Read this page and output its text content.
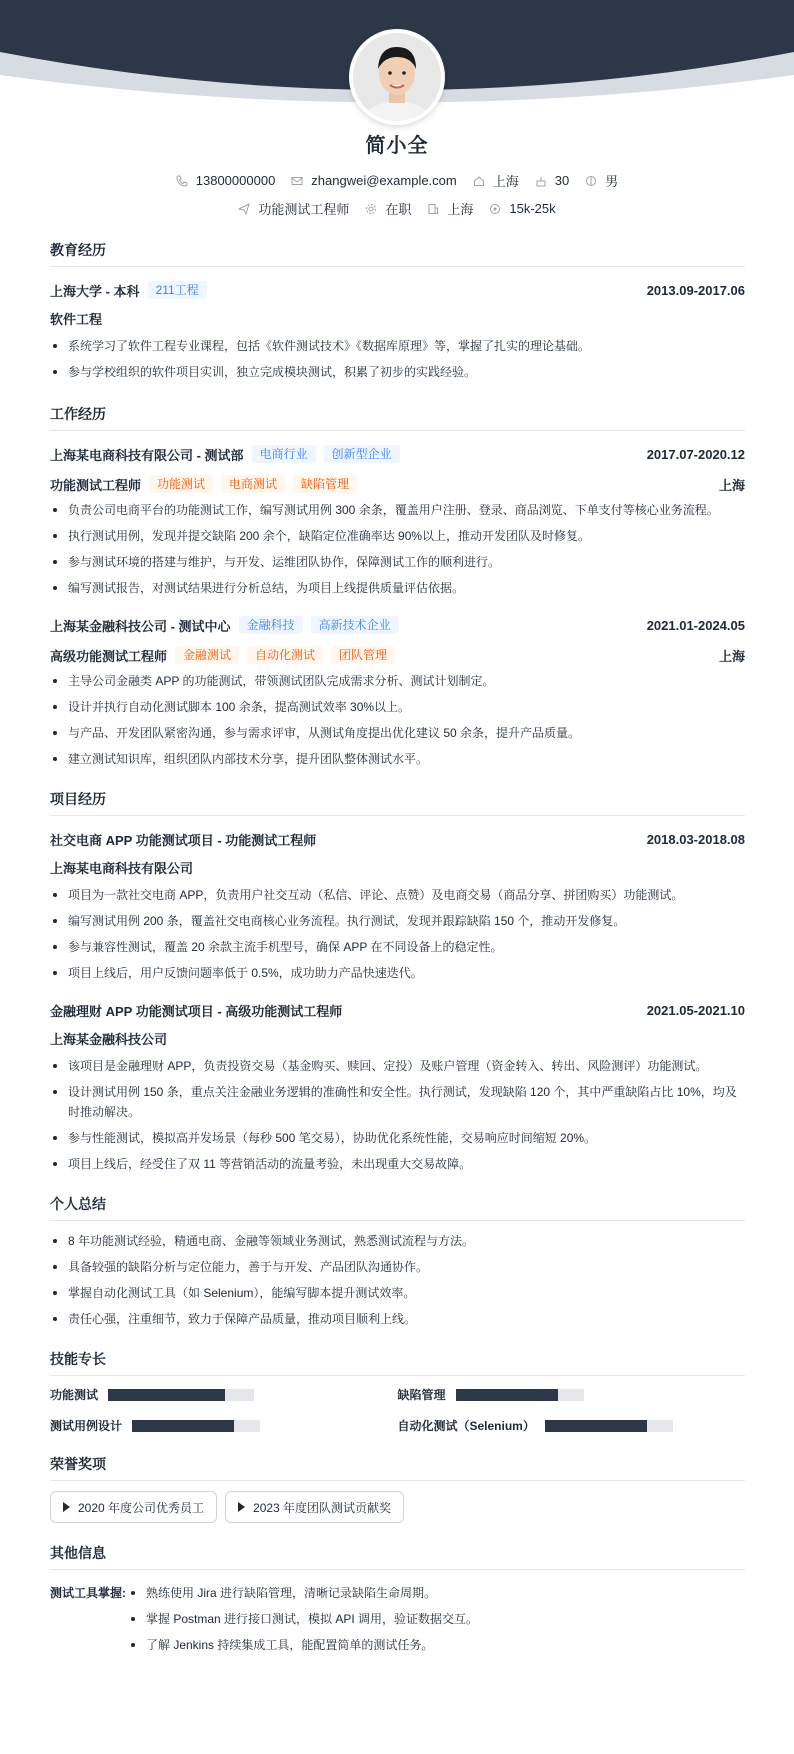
简小全
13800000000	zhangwei@example.com	上海	30	男
功能测试工程师	在职	上海	15k-25k
教育经历
上海大学 - 本科	211工程	2013.09-2017.06
软件工程
系统学习了软件工程专业课程，包括《软件测试技术》《数据库原理》等，掌握了扎实的理论基础。
参与学校组织的软件项目实训，独立完成模块测试，积累了初步的实践经验。
工作经历
上海某电商科技有限公司 - 测试部	电商行业	创新型企业	2017.07-2020.12
功能测试工程师	功能测试	电商测试	缺陷管理	上海
负责公司电商平台的功能测试工作，编写测试用例 300 余条，覆盖用户注册、登录、商品浏览、下单支付等核心业务流程。
执行测试用例，发现并提交缺陷 200 余个，缺陷定位准确率达 90%以上，推动开发团队及时修复。
参与测试环境的搭建与维护，与开发、运维团队协作，保障测试工作的顺利进行。
编写测试报告，对测试结果进行分析总结，为项目上线提供质量评估依据。
上海某金融科技公司 - 测试中心	金融科技	高新技术企业	2021.01-2024.05
高级功能测试工程师	金融测试	自动化测试	团队管理	上海
主导公司金融类 APP 的功能测试，带领测试团队完成需求分析、测试计划制定。
设计并执行自动化测试脚本 100 余条，提高测试效率 30%以上。
与产品、开发团队紧密沟通，参与需求评审，从测试角度提出优化建议 50 余条，提升产品质量。
建立测试知识库，组织团队内部技术分享，提升团队整体测试水平。
项目经历
社交电商 APP 功能测试项目 - 功能测试工程师	2018.03-2018.08
上海某电商科技有限公司
项目为一款社交电商 APP，负责用户社交互动（私信、评论、点赞）及电商交易（商品分享、拼团购买）功能测试。
编写测试用例 200 条，覆盖社交电商核心业务流程。执行测试，发现并跟踪缺陷 150 个，推动开发修复。
参与兼容性测试，覆盖 20 余款主流手机型号，确保 APP 在不同设备上的稳定性。
项目上线后，用户反馈问题率低于 0.5%，成功助力产品快速迭代。
金融理财 APP 功能测试项目 - 高级功能测试工程师	2021.05-2021.10
上海某金融科技公司
该项目是金融理财 APP，负责投资交易（基金购买、赎回、定投）及账户管理（资金转入、转出、风险测评）功能测试。
设计测试用例 150 条，重点关注金融业务逻辑的准确性和安全性。执行测试，发现缺陷 120 个，其中严重缺陷占比 10%，均及时推动解决。
参与性能测试，模拟高并发场景（每秒 500 笔交易），协助优化系统性能，交易响应时间缩短 20%。
项目上线后，经受住了双 11 等营销活动的流量考验，未出现重大交易故障。
个人总结
8 年功能测试经验，精通电商、金融等领域业务测试，熟悉测试流程与方法。
具备较强的缺陷分析与定位能力，善于与开发、产品团队沟通协作。
掌握自动化测试工具（如 Selenium），能编写脚本提升测试效率。
责任心强，注重细节，致力于保障产品质量，推动项目顺利上线。
技能专长
功能测试	缺陷管理
测试用例设计	自动化测试（Selenium）
荣誉奖项
2020 年度公司优秀员工	2023 年度团队测试贡献奖
其他信息
测试工具掌握:	熟练使用 Jira 进行缺陷管理，清晰记录缺陷生命周期。
掌握 Postman 进行接口测试，模拟 API 调用，验证数据交互。
了解 Jenkins 持续集成工具，能配置简单的测试任务。
